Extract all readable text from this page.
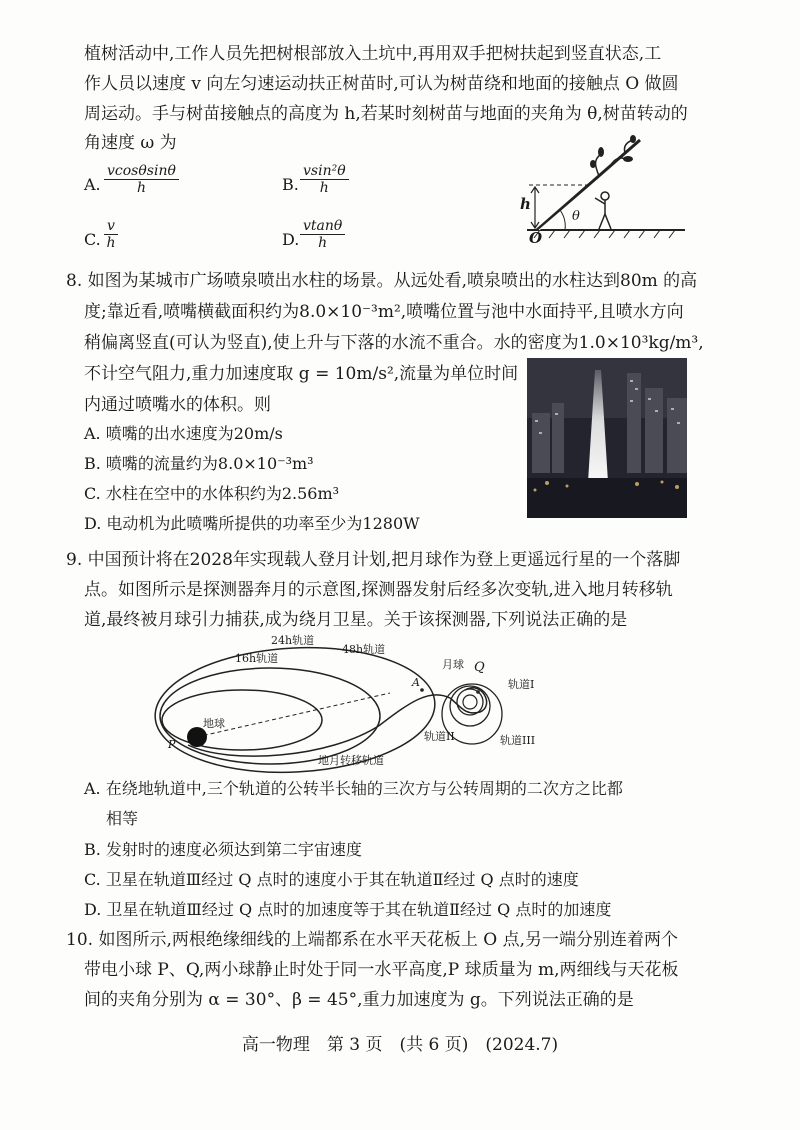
植树活动中,工作人员先把树根部放入土坑中,再用双手把树扶起到竖直状态,工
作人员以速度 v 向左匀速运动扶正树苗时,可认为树苗绕和地面的接触点 O 做圆
周运动。手与树苗接触点的高度为 h,若某时刻树苗与地面的夹角为 θ,树苗转动的
角速度 ω 为
A. $\frac{vcos\theta\sin\theta}{h}$	B. $\frac{\text{vsin²θ}}{h}$
C. $\frac{v}{h}$	D. $\frac{vtan\theta}{h}$
h
θ
O
8. 如图为某城市广场喷泉喷出水柱的场景。从远处看,喷泉喷出的水柱达到80m 的高
度;靠近看,喷嘴横截面积约为8.0×10⁻³m²,喷嘴位置与池中水面持平,且喷水方向
稍偏离竖直(可认为竖直),使上升与下落的水流不重合。水的密度为1.0×10³kg/m³,
不计空气阻力,重力加速度取 g = 10m/s²,流量为单位时间
内通过喷嘴水的体积。则
A. 喷嘴的出水速度为20m/s
B. 喷嘴的流量约为8.0×10⁻³m³
C. 水柱在空中的水体积约为2.56m³
D. 电动机为此喷嘴所提供的功率至少为1280W
9. 中国预计将在2028年实现载人登月计划,把月球作为登上更遥远行星的一个落脚
点。如图所示是探测器奔月的示意图,探测器发射后经多次变轨,进入地月转移轨
道,最终被月球引力捕获,成为绕月卫星。关于该探测器,下列说法正确的是
24h轨道
16h轨道
48h轨道
地球
P
A
月球 Q
轨道I
轨道II	轨道III
地月转移轨道
A. 在绕地轨道中,三个轨道的公转半长轴的三次方与公转周期的二次方之比都
相等
B. 发射时的速度必须达到第二宇宙速度
C. 卫星在轨道Ⅲ经过 Q 点时的速度小于其在轨道Ⅱ经过 Q 点时的速度
D. 卫星在轨道Ⅲ经过 Q 点时的加速度等于其在轨道Ⅱ经过 Q 点时的加速度
10. 如图所示,两根绝缘细线的上端都系在水平天花板上 O 点,另一端分别连着两个
带电小球 P、Q,两小球静止时处于同一水平高度,P 球质量为 m,两细线与天花板
间的夹角分别为 α = 30°、β = 45°,重力加速度为 g。下列说法正确的是
高一物理　第 3 页　(共 6 页)　(2024.7)
